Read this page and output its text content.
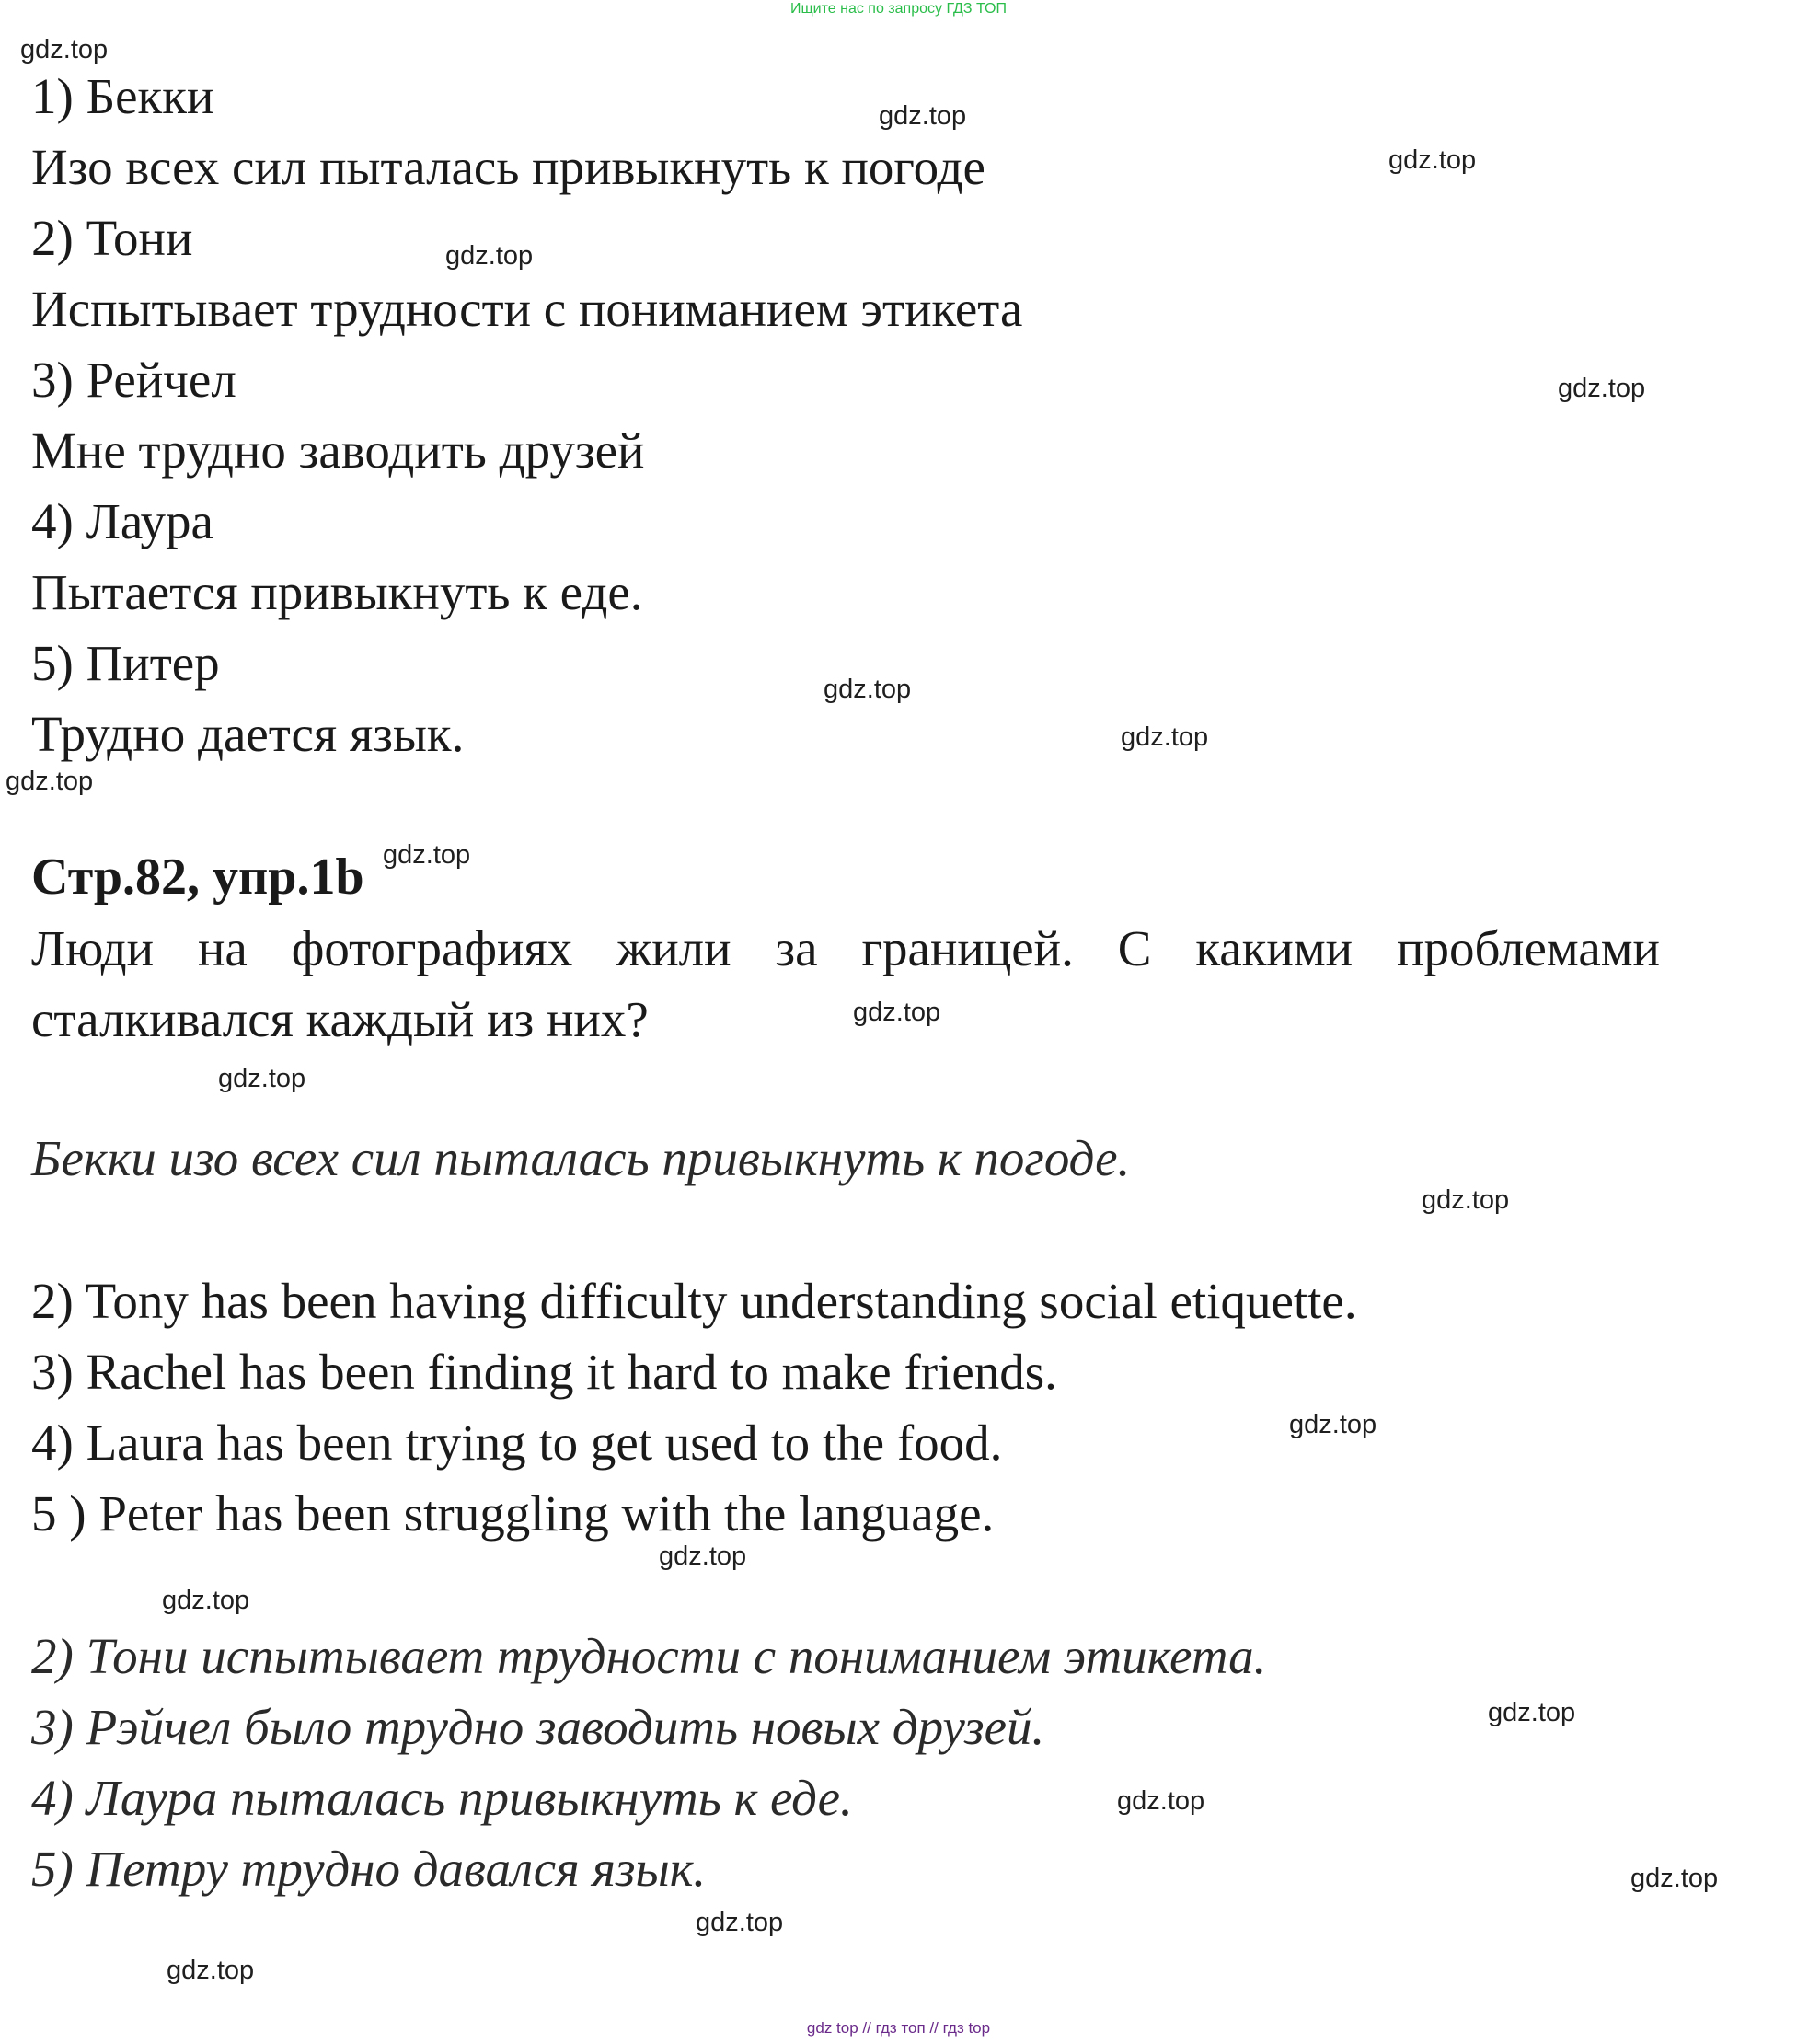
Ищите нас по запросу ГДЗ ТОП
1) Бекки
Изо всех сил пыталась привыкнуть к погоде
2) Тони
Испытывает трудности с пониманием этикета
3) Рейчел
Мне трудно заводить друзей
4) Лаура
Пытается привыкнуть к еде.
5) Питер
Трудно дается язык.
Стр.82, упр.1b
Люди на фотографиях жили за границей. С какими проблемами сталкивался каждый из них?
Бекки изо всех сил пыталась привыкнуть к погоде.
2) Tony has been having difficulty understanding social etiquette.
3) Rachel has been finding it hard to make friends.
4) Laura has been trying to get used to the food.
5 ) Peter has been struggling with the language.
2) Тони испытывает трудности с пониманием этикета.
3) Рэйчел было трудно заводить новых друзей.
4) Лаура пыталась привыкнуть к еде.
5) Петру трудно давался язык.
gdz.top
gdz.top
gdz.top
gdz.top
gdz.top
gdz.top
gdz.top
gdz.top
gdz.top
gdz.top
gdz.top
gdz.top
gdz.top
gdz.top
gdz.top
gdz.top
gdz.top
gdz.top
gdz.top
gdz.top
gdz top // гдз топ // гдз top
